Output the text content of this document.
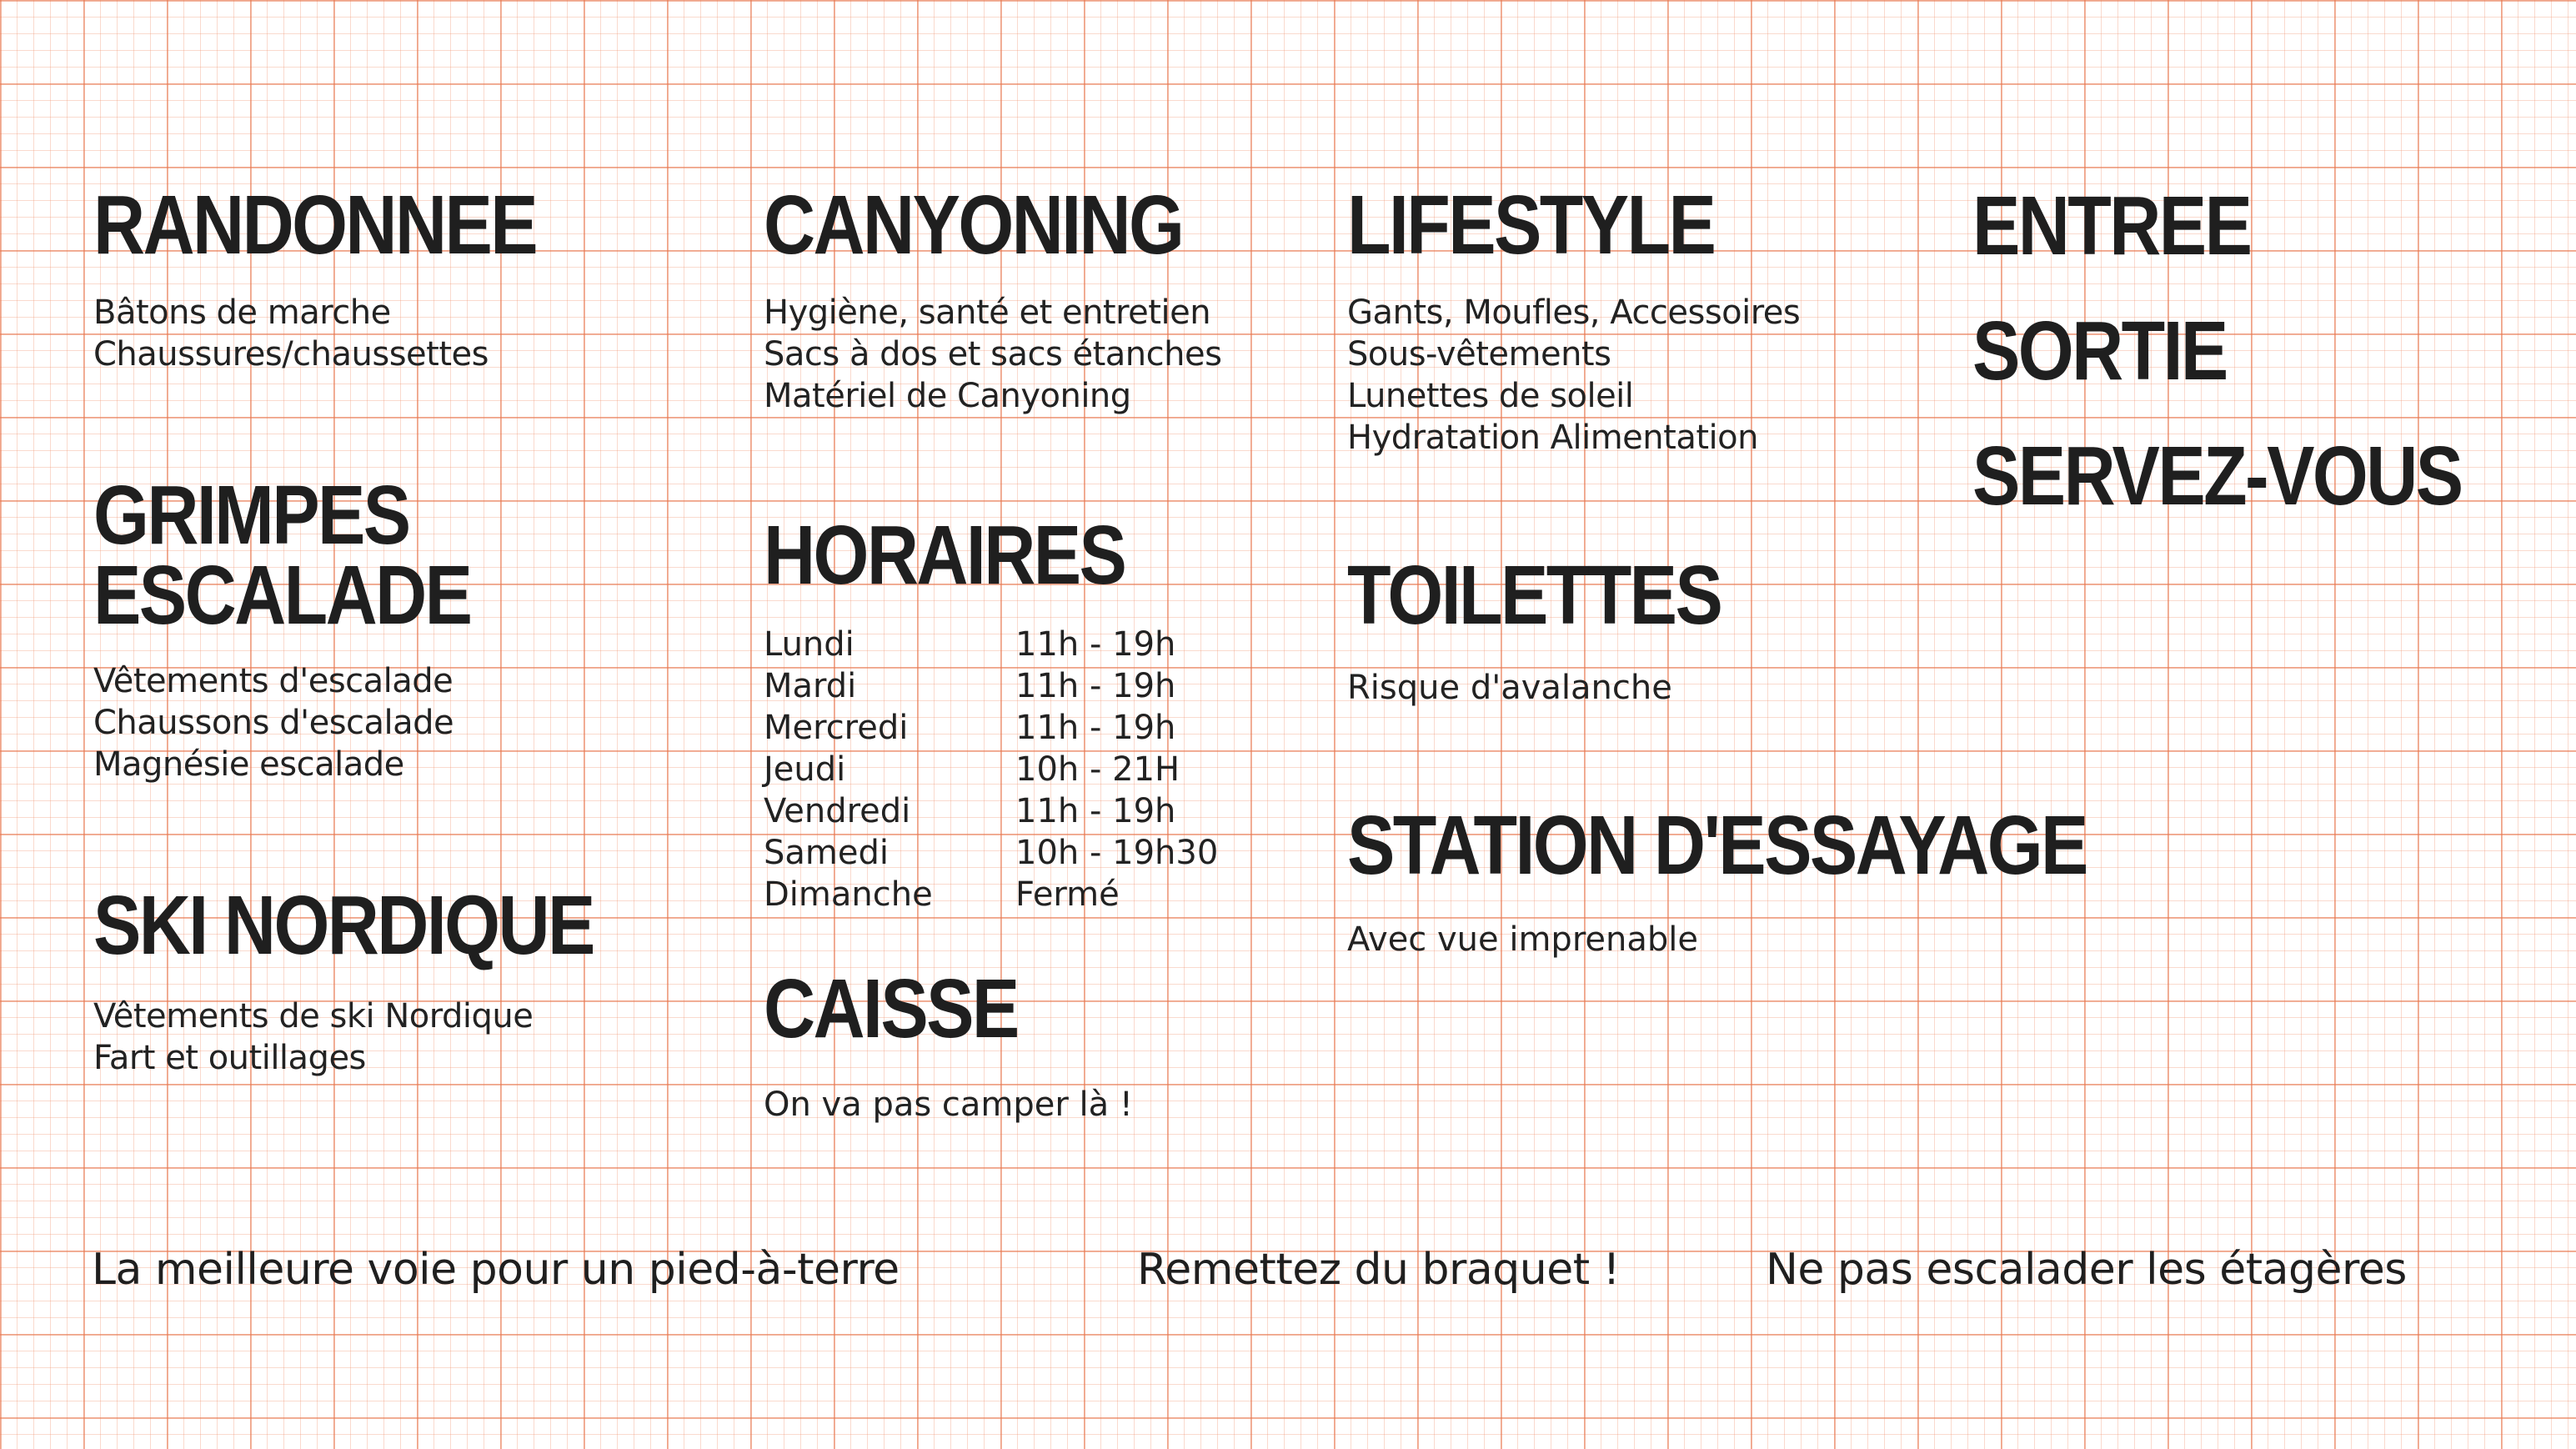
RANDONNEE
Bâtons de marche
Chaussures/chaussettes
GRIMPES
ESCALADE
Vêtements d'escalade
Chaussons d'escalade
Magnésie escalade
SKI NORDIQUE
Vêtements de ski Nordique
Fart et outillages
CANYONING
Hygiène, santé et entretien
Sacs à dos et sacs étanches
Matériel de Canyoning
HORAIRES
Lundi	11h - 19h
Mardi	11h - 19h
Mercredi	11h - 19h
Jeudi	10h - 21H
Vendredi	11h - 19h
Samedi	10h - 19h30
Dimanche	Fermé
CAISSE

On va pas camper là !

LIFESTYLE
Gants, Moufles, Accessoires
Sous-vêtements
Lunettes de soleil
Hydratation Alimentation
TOILETTES

Risque d'avalanche

STATION D'ESSAYAGE

Avec vue imprenable

ENTREE
SORTIE
SERVEZ-VOUS
La meilleure voie pour un pied-à-terre	Remettez du braquet !	Ne pas escalader les étagères
